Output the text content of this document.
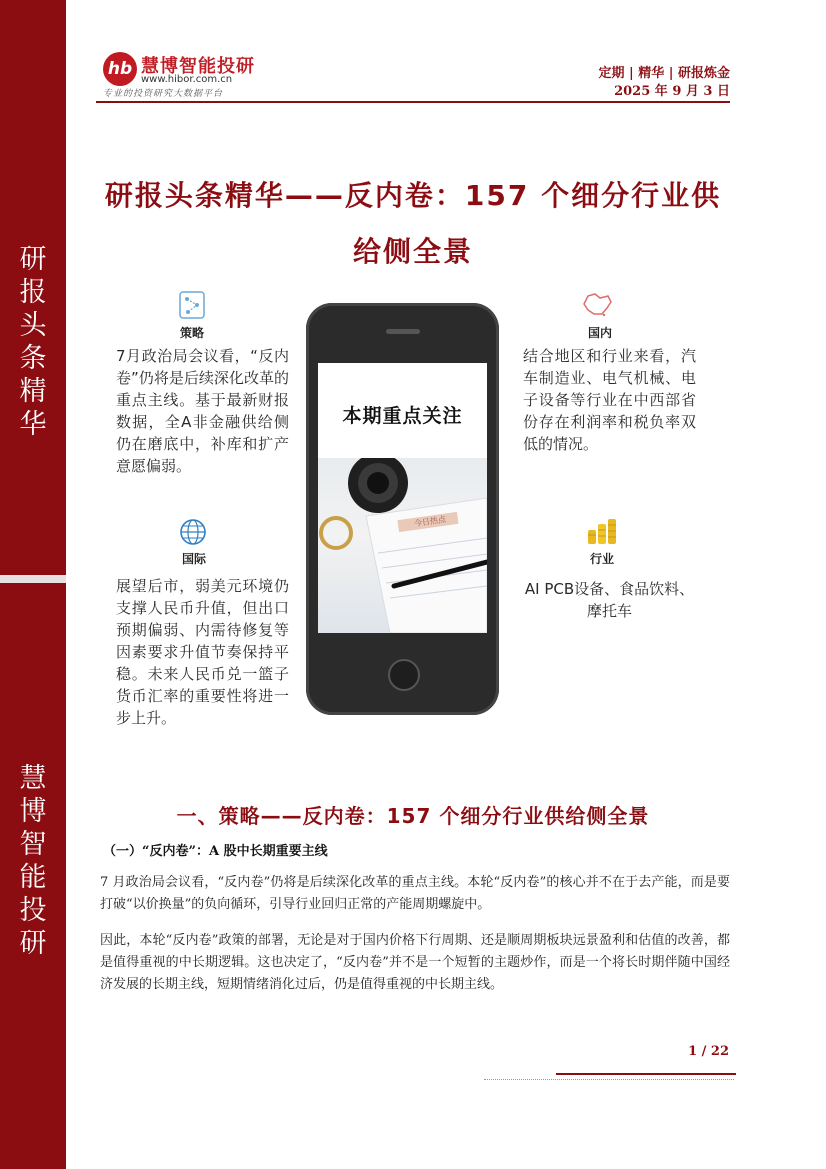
研
报
头
条
精
华
慧
博
智
能
投
研
hb 慧博智能投研
www.hibor.com.cn
专业的投资研究大数据平台
定期 | 精华 | 研报炼金
2025 年 9 月 3 日
研报头条精华——反内卷：157 个细分行业供
给侧全景
策略
7月政治局会议看，“反内卷”仍将是后续深化改革的重点主线。基于最新财报数据，全A非金融供给侧仍在磨底中，补库和扩产意愿偏弱。
国内
结合地区和行业来看，汽车制造业、电气机械、电子设备等行业在中西部省份存在利润率和税负率双低的情况。
国际
展望后市，弱美元环境仍支撑人民币升值，但出口预期偏弱、内需待修复等因素要求升值节奏保持平稳。未来人民币兑一篮子货币汇率的重要性将进一步上升。
行业
AI PCB设备、食品饮料、摩托车
本期重点关注
今日热点
一、策略——反内卷：157 个细分行业供给侧全景
（一）“反内卷”：A 股中长期重要主线
7 月政治局会议看，“反内卷”仍将是后续深化改革的重点主线。本轮“反内卷”的核心并不在于去产能，而是要打破“以价换量”的负向循环，引导行业回归正常的产能周期螺旋中。
因此，本轮“反内卷”政策的部署，无论是对于国内价格下行周期、还是顺周期板块远景盈利和估值的改善，都是值得重视的中长期逻辑。这也决定了，“反内卷”并不是一个短暂的主题炒作，而是一个将长时期伴随中国经济发展的长期主线，短期情绪消化过后，仍是值得重视的中长期主线。
1 / 22
